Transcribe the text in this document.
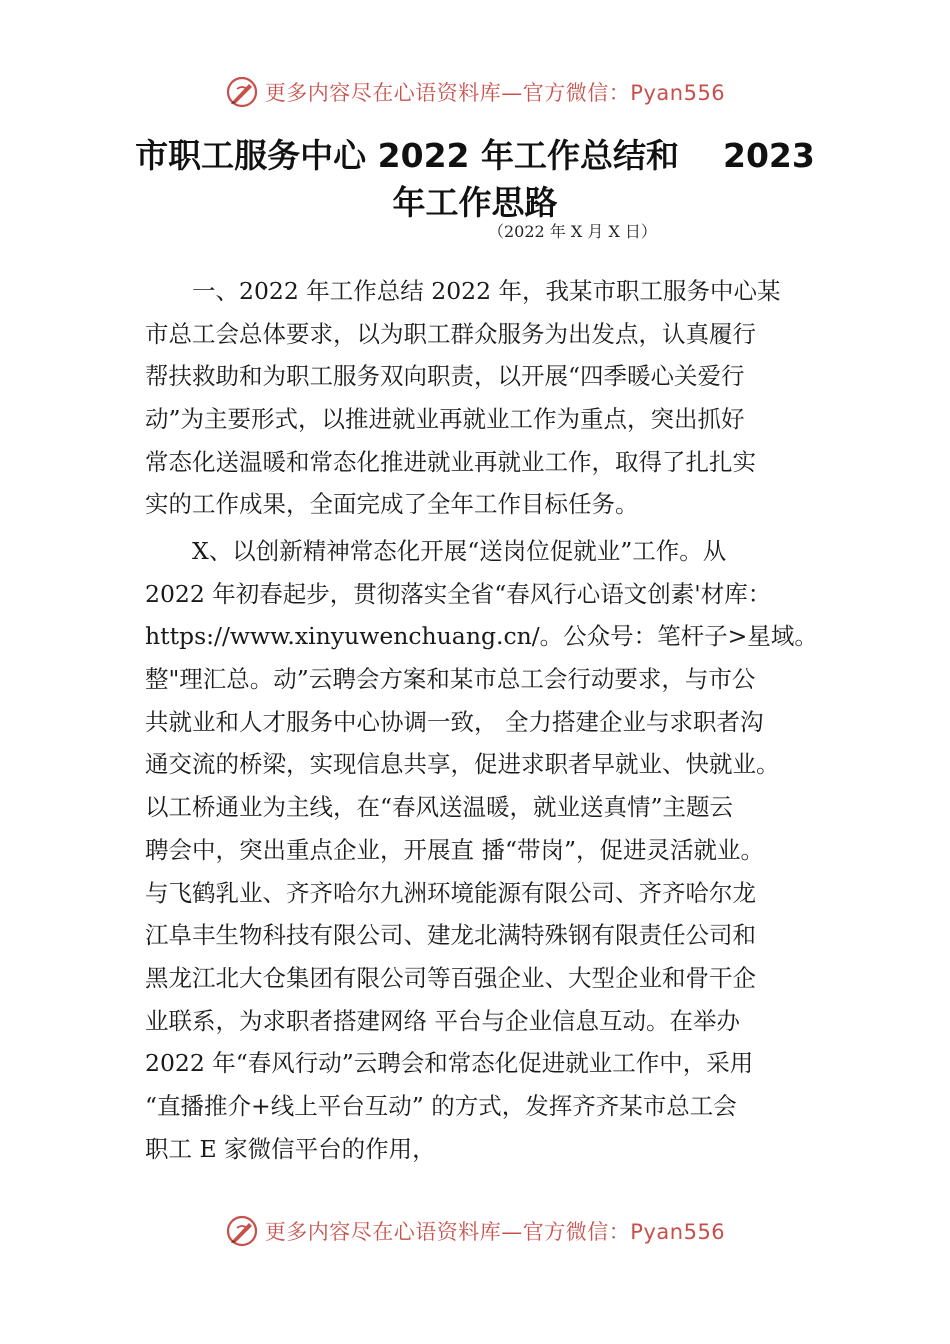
更多内容尽在心语资料库—官方微信：Pyan556
市职工服务中心 2022 年工作总结和 2023
年工作思路
（2022 年 X 月 X 日）
　　一、2022 年工作总结 2022 年，我某市职工服务中心某
市总工会总体要求，以为职工群众服务为出发点，认真履行
帮扶救助和为职工服务双向职责，以开展“四季暖心关爱行
动”为主要形式，以推进就业再就业工作为重点，突出抓好
常态化送温暖和常态化推进就业再就业工作，取得了扎扎实
实的工作成果，全面完成了全年工作目标任务。
　　X、以创新精神常态化开展“送岗位促就业”工作。从
2022 年初春起步，贯彻落实全省“春风行心语文创素'材库：
https://www.xinyuwenchuang.cn/。公众号：笔杆子>星域。
整"理汇总。动”云聘会方案和某市总工会行动要求，与市公
共就业和人才服务中心协调一致， 全力搭建企业与求职者沟
通交流的桥梁，实现信息共享，促进求职者早就业、快就业。
以工桥通业为主线，在“春风送温暖，就业送真情”主题云
聘会中，突出重点企业，开展直 播“带岗”，促进灵活就业。
与飞鹤乳业、齐齐哈尔九洲环境能源有限公司、齐齐哈尔龙
江阜丰生物科技有限公司、建龙北满特殊钢有限责任公司和
黑龙江北大仓集团有限公司等百强企业、大型企业和骨干企
业联系，为求职者搭建网络 平台与企业信息互动。在举办
2022 年“春风行动”云聘会和常态化促进就业工作中，采用
“直播推介+线上平台互动” 的方式，发挥齐齐某市总工会
职工 E 家微信平台的作用，
更多内容尽在心语资料库—官方微信：Pyan556
